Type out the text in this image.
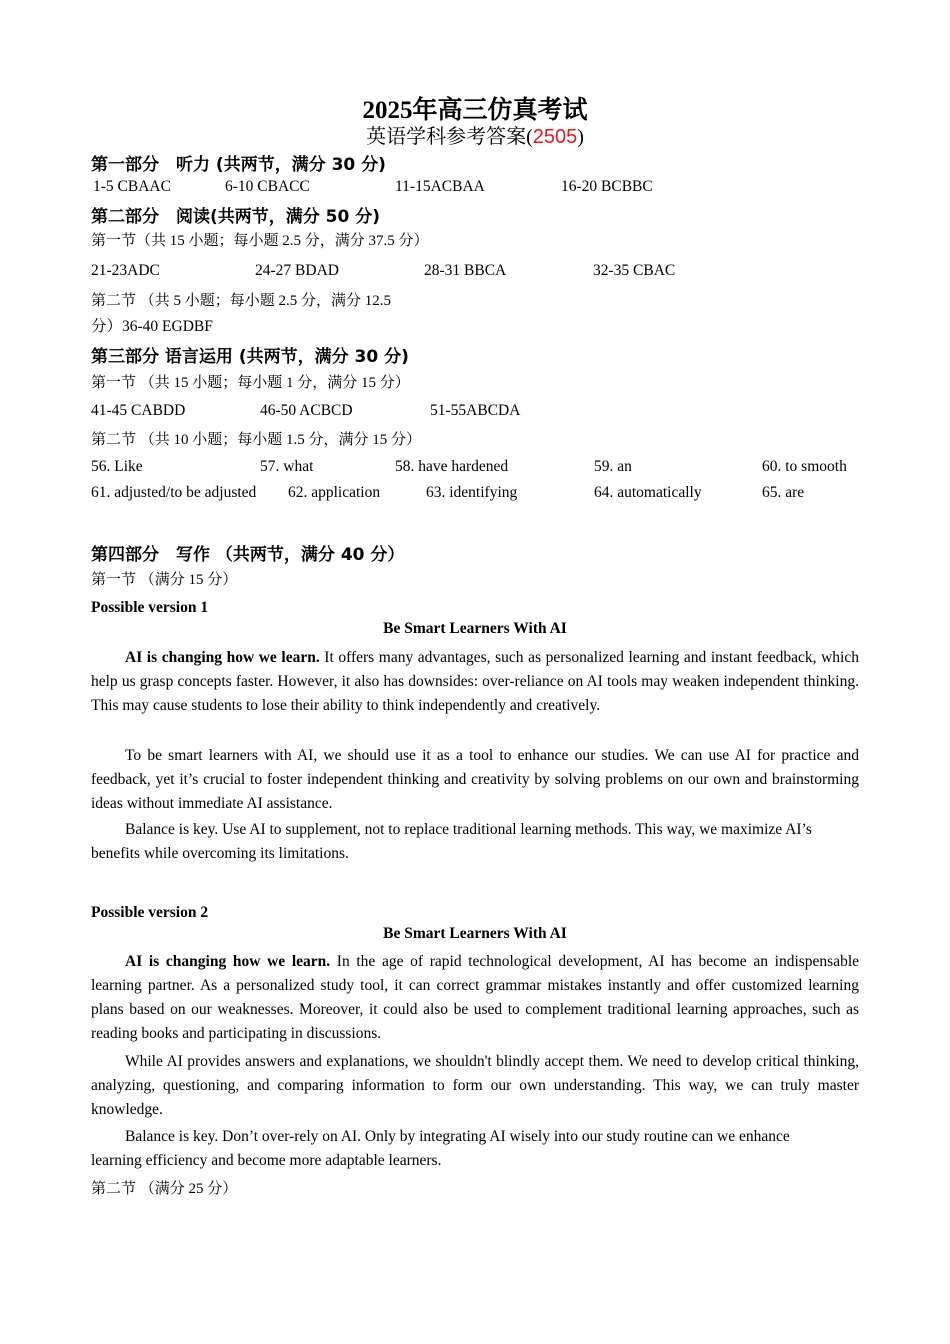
2025年高三仿真考试
英语学科参考答案(2505)
第一部分　听力 (共两节，满分 30 分)
1-5 CBAAC	6-10 CBACC	11-15ACBAA	16-20 BCBBC
第二部分　阅读(共两节，满分 50 分)
第一节（共 15 小题；每小题 2.5 分，满分 37.5 分）
21-23ADC	24-27 BDAD	28-31 BBCA	32-35 CBAC
第二节 （共 5 小题；每小题 2.5 分，满分 12.5
分）36-40 EGDBF
第三部分 语言运用 (共两节，满分 30 分)
第一节 （共 15 小题；每小题 1 分，满分 15 分）
41-45 CABDD	46-50 ACBCD	51-55ABCDA
第二节 （共 10 小题；每小题 1.5 分，满分 15 分）
56. Like	57. what	58. have hardened	59. an	60. to smooth
61. adjusted/to be adjusted 62. application	63. identifying	64. automatically	65. are
第四部分　写作 （共两节，满分 40 分）
第一节 （满分 15 分）
Possible version 1
Be Smart Learners With AI

AI is changing how we learn. It offers many advantages, such as personalized learning and instant feedback, which help us grasp concepts faster. However, it also has downsides: over-reliance on AI tools may weaken independent thinking. This may cause students to lose their ability to think independently and creatively.

To be smart learners with AI, we should use it as a tool to enhance our studies. We can use AI for practice and feedback, yet it’s crucial to foster independent thinking and creativity by solving problems on our own and brainstorming ideas without immediate AI assistance.

Balance is key. Use AI to supplement, not to replace traditional learning methods. This way, we maximize AI’s benefits while overcoming its limitations.

Possible version 2
Be Smart Learners With AI

AI is changing how we learn. In the age of rapid technological development, AI has become an indispensable learning partner. As a personalized study tool, it can correct grammar mistakes instantly and offer customized learning plans based on our weaknesses. Moreover, it could also be used to complement traditional learning approaches, such as reading books and participating in discussions.

While AI provides answers and explanations, we shouldn't blindly accept them. We need to develop critical thinking, analyzing, questioning, and comparing information to form our own understanding. This way, we can truly master knowledge.

Balance is key. Don’t over-rely on AI. Only by integrating AI wisely into our study routine can we enhance learning efficiency and become more adaptable learners.

第二节 （满分 25 分）
